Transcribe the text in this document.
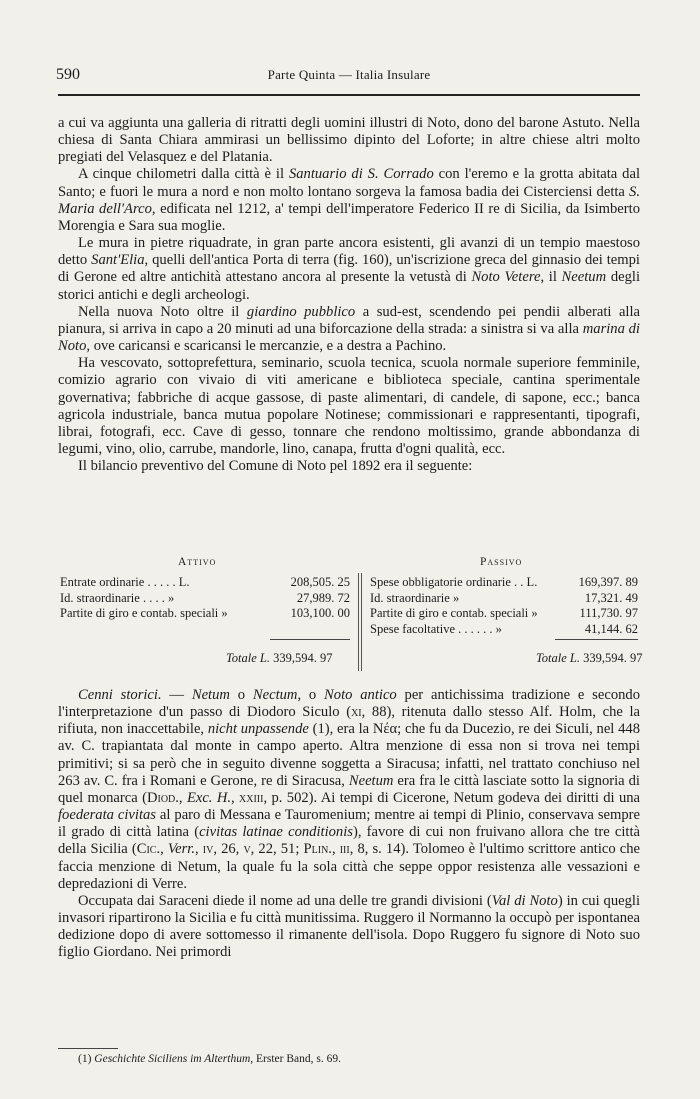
590	Parte Quinta — Italia Insulare

a cui va aggiunta una galleria di ritratti degli uomini illustri di Noto, dono del barone Astuto. Nella chiesa di Santa Chiara ammirasi un bellissimo dipinto del Loforte; in altre chiese altri molto pregiati del Velasquez e del Platania.

A cinque chilometri dalla città è il Santuario di S. Corrado con l'eremo e la grotta abitata dal Santo; e fuori le mura a nord e non molto lontano sorgeva la famosa badia dei Cisterciensi detta S. Maria dell'Arco, edificata nel 1212, a' tempi dell'imperatore Federico II re di Sicilia, da Isimberto Morengia e Sara sua moglie.

Le mura in pietre riquadrate, in gran parte ancora esistenti, gli avanzi di un tempio maestoso detto Sant'Elia, quelli dell'antica Porta di terra (fig. 160), un'iscrizione greca del ginnasio dei tempi di Gerone ed altre antichità attestano ancora al presente la vetustà di Noto Vetere, il Neetum degli storici antichi e degli archeologi.

Nella nuova Noto oltre il giardino pubblico a sud-est, scendendo pei pendii alberati alla pianura, si arriva in capo a 20 minuti ad una biforcazione della strada: a sinistra si va alla marina di Noto, ove caricansi e scaricansi le mercanzie, e a destra a Pachino.

Ha vescovato, sottoprefettura, seminario, scuola tecnica, scuola normale superiore femminile, comizio agrario con vivaio di viti americane e biblioteca speciale, cantina sperimentale governativa; fabbriche di acque gassose, di paste alimentari, di candele, di sapone, ecc.; banca agricola industriale, banca mutua popolare Notinese; commissionari e rappresentanti, tipografi, librai, fotografi, ecc. Cave di gesso, tonnare che rendono moltissimo, grande abbondanza di legumi, vino, olio, carrube, mandorle, lino, canapa, frutta d'ogni qualità, ecc.

Il bilancio preventivo del Comune di Noto pel 1892 era il seguente:

Attivo	Passivo
Entrate ordinarie . . . . . L.	208,505. 25
Id. straordinarie . . . . »	27,989. 72
Partite di giro e contab. speciali »	103,100. 00
Spese obbligatorie ordinarie . . L.	169,397. 89
Id. straordinarie »	17,321. 49
Partite di giro e contab. speciali »	111,730. 97
Spese facoltative . . . . . . »	41,144. 62
Totale L. 339,594. 97	Totale L. 339,594. 97

Cenni storici. — Netum o Nectum, o Noto antico per antichissima tradizione e secondo l'interpretazione d'un passo di Diodoro Siculo (xi, 88), ritenuta dallo stesso Alf. Holm, che la rifiuta, non inaccettabile, nicht unpassende (1), era la Νέα; che fu da Ducezio, re dei Siculi, nel 448 av. C. trapiantata dal monte in campo aperto. Altra menzione di essa non si trova nei tempi primitivi; si sa però che in seguito divenne soggetta a Siracusa; infatti, nel trattato conchiuso nel 263 av. C. fra i Romani e Gerone, re di Siracusa, Neetum era fra le città lasciate sotto la signoria di quel monarca (Diod., Exc. H., xxiii, p. 502). Ai tempi di Cicerone, Netum godeva dei diritti di una foederata civitas al paro di Messana e Tauromenium; mentre ai tempi di Plinio, conservava sempre il grado di città latina (civitas latinae conditionis), favore di cui non fruivano allora che tre città della Sicilia (Cic., Verr., iv, 26, v, 22, 51; Plin., iii, 8, s. 14). Tolomeo è l'ultimo scrittore antico che faccia menzione di Netum, la quale fu la sola città che seppe oppor resistenza alle vessazioni e depredazioni di Verre.

Occupata dai Saraceni diede il nome ad una delle tre grandi divisioni (Val di Noto) in cui quegli invasori ripartirono la Sicilia e fu città munitissima. Ruggero il Normanno la occupò per ispontanea dedizione dopo di avere sottomesso il rimanente dell'isola. Dopo Ruggero fu signore di Noto suo figlio Giordano. Nei primordi

(1) Geschichte Siciliens im Alterthum, Erster Band, s. 69.
